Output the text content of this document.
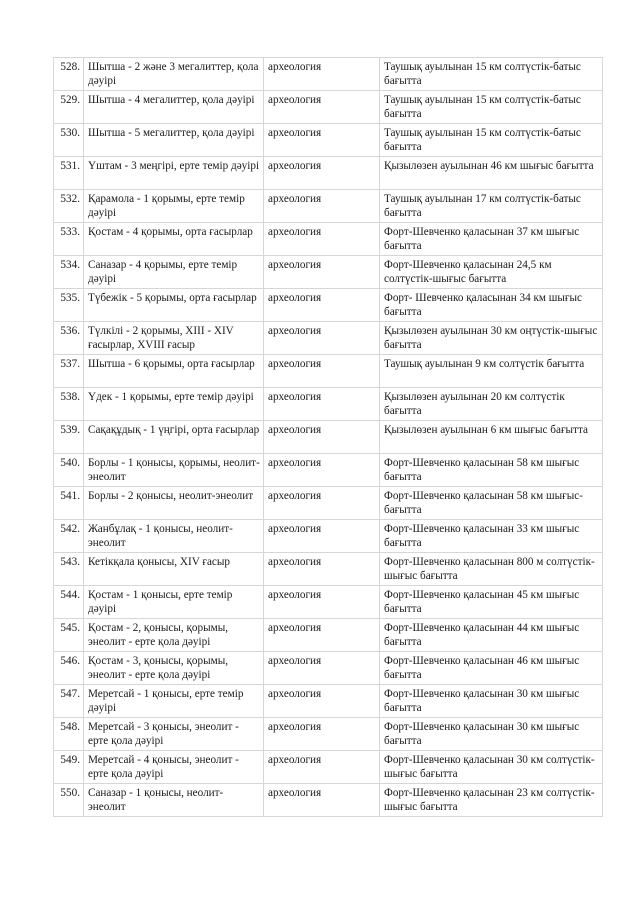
528.	Шытша - 2 және 3 мегалиттер, қола дәуірі	археология	Таушық ауылынан 15 км солтүстік-батыс бағытта
529.	Шытша - 4 мегалиттер, қола дәуірі	археология	Таушық ауылынан 15 км солтүстік-батыс бағытта
530.	Шытша - 5 мегалиттер, қола дәуірі	археология	Таушық ауылынан 15 км солтүстік-батыс бағытта
531.	Үштам - 3 меңгірі, ерте темір дәуірі	археология	Қызылөзен ауылынан 46 км шығыс бағытта
532.	Қарамола - 1 қорымы, ерте темір дәуірі	археология	Таушық ауылынан 17 км солтүстік-батыс бағытта
533.	Қостам - 4 қорымы, орта ғасырлар	археология	Форт-Шевченко қаласынан 37 км шығыс бағытта
534.	Саназар - 4 қорымы, ерте темір дәуірі	археология	Форт-Шевченко қаласынан 24,5 км солтүстік-шығыс бағытта
535.	Түбежік - 5 қорымы, орта ғасырлар	археология	Форт- Шевченко қаласынан 34 км шығыс бағытта
536.	Түлкілі - 2 қорымы, XIII - XIV ғасырлар, XVIII ғасыр	археология	Қызылөзен ауылынан 30 км оңтүстік-шығыс бағытта
537.	Шытша - 6 қорымы, орта ғасырлар	археология	Таушық ауылынан 9 км солтүстік бағытта
538.	Үдек - 1 қорымы, ерте темір дәуірі	археология	Қызылөзен ауылынан 20 км солтүстік бағытта
539.	Сақақұдық - 1 үңгірі, орта ғасырлар	археология	Қызылөзен ауылынан 6 км шығыс бағытта
540.	Борлы - 1 қонысы, қорымы, неолит-энеолит	археология	Форт-Шевченко қаласынан 58 км шығыс бағытта
541.	Борлы - 2 қонысы, неолит-энеолит	археология	Форт-Шевченко қаласынан 58 км шығыс-бағытта
542.	Жанбұлақ - 1 қонысы, неолит-энеолит	археология	Форт-Шевченко қаласынан 33 км шығыс бағытта
543.	Кетікқала қонысы, XIV ғасыр	археология	Форт-Шевченко қаласынан 800 м солтүстік-шығыс бағытта
544.	Қостам - 1 қонысы, ерте темір дәуірі	археология	Форт-Шевченко қаласынан 45 км шығыс бағытта
545.	Қостам - 2, қонысы, қорымы, энеолит - ерте қола дәуірі	археология	Форт-Шевченко қаласынан 44 км шығыс бағытта
546.	Қостам - 3, қонысы, қорымы, энеолит - ерте қола дәуірі	археология	Форт-Шевченко қаласынан 46 км шығыс бағытта
547.	Меретсай - 1 қонысы, ерте темір дәуірі	археология	Форт-Шевченко қаласынан 30 км шығыс бағытта
548.	Меретсай - 3 қонысы, энеолит - ерте қола дәуірі	археология	Форт-Шевченко қаласынан 30 км шығыс бағытта
549.	Меретсай - 4 қонысы, энеолит - ерте қола дәуірі	археология	Форт-Шевченко қаласынан 30 км солтүстік-шығыс бағытта
550.	Саназар - 1 қонысы, неолит-энеолит	археология	Форт-Шевченко қаласынан 23 км солтүстік-шығыс бағытта
